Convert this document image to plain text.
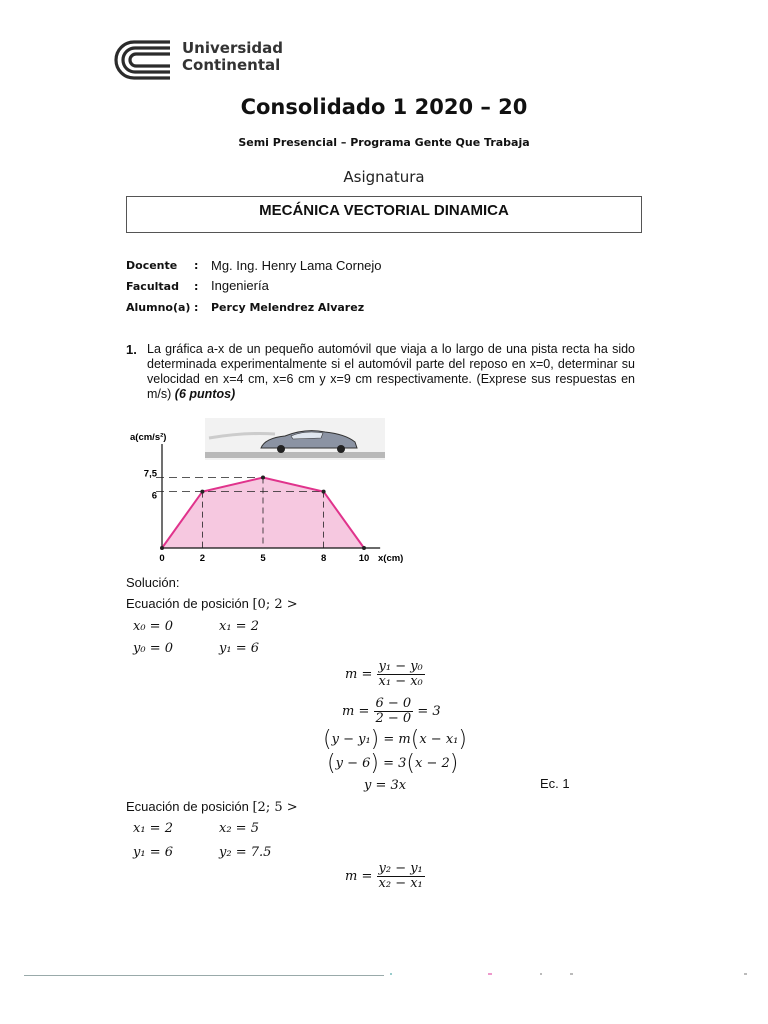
Universidad
Continental
Consolidado 1 2020 – 20
Semi Presencial – Programa Gente Que Trabaja
Asignatura
MECÁNICA VECTORIAL DINAMICA
Docente : Mg. Ing. Henry Lama Cornejo
Facultad : Ingeniería
Alumno(a) : Percy Melendrez Alvarez
1. La gráfica a-x de un pequeño automóvil que viaja a lo largo de una pista recta ha sido determinada experimentalmente si el automóvil parte del reposo en x=0, determinar su velocidad en x=4 cm, x=6 cm y x=9 cm respectivamente. (Exprese sus respuestas en m/s) (6 puntos)
0	2	5	8	10
7,5
6
a(cm/s²)
x(cm)
Solución:
Ecuación de posición [0; 2 >
x₀ = 0	x₁ = 2
y₀ = 0	y₁ = 6
$m = \frac{\text{y₁ − y₀}}{\text{x₁ − x₀}}$
$m = \frac{6 - 0}{2 - 0} = 3$
(y − y₁) = m(x − x₁)
(y − 6) = 3(x − 2)
y = 3x	Ec. 1
Ecuación de posición [2; 5 >
x₁ = 2	x₂ = 5
y₁ = 6	y₂ = 7.5
$m = \frac{\text{y₂ − y₁}}{\text{x₂ − x₁}}$
